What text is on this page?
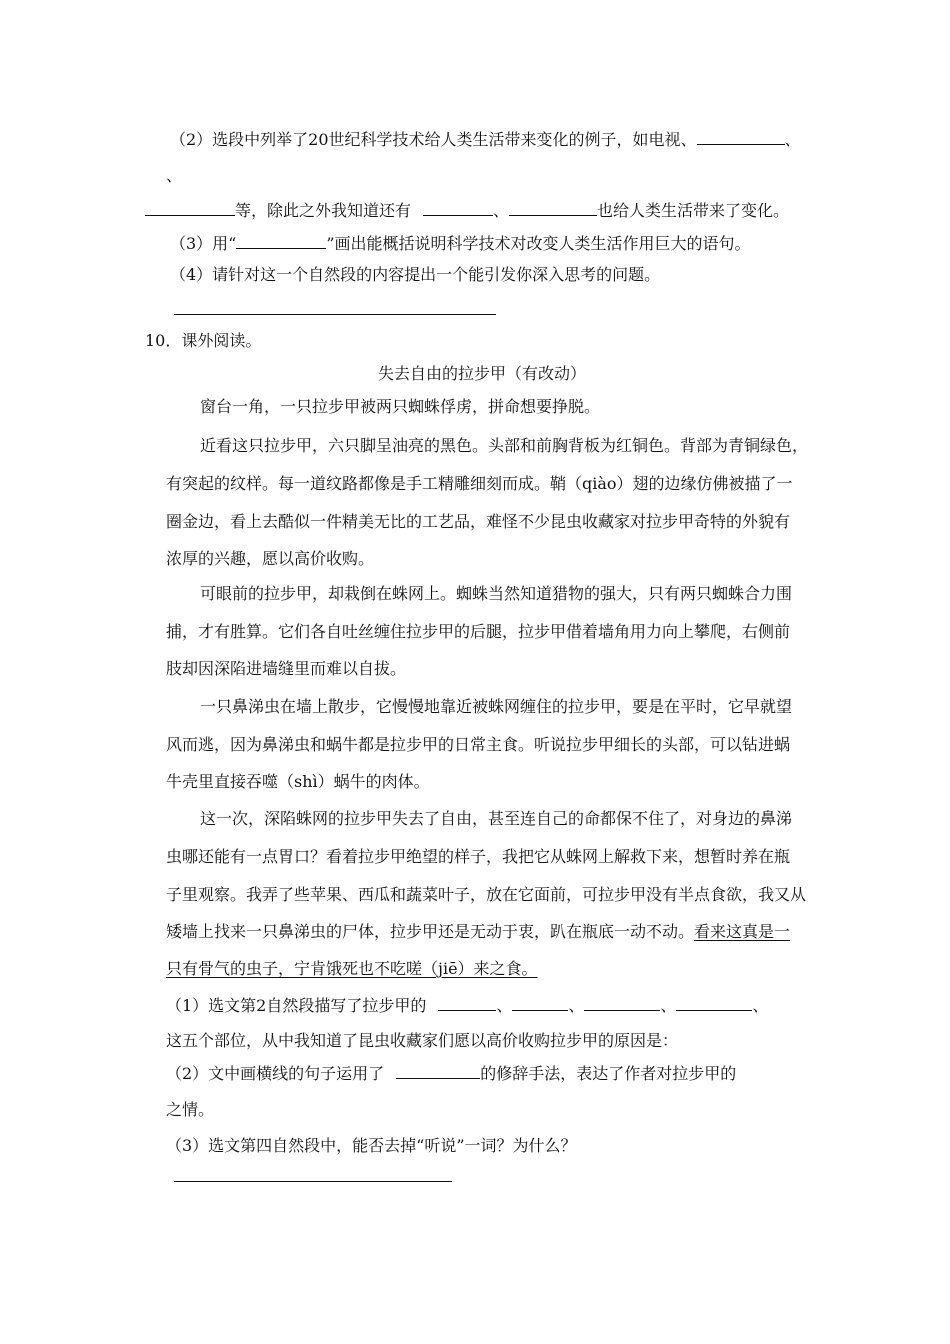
（2）选段中列举了20世纪科学技术给人类生活带来变化的例子，如电视、	、
、
等，除此之外我知道还有	、	也给人类生活带来了变化。
（3）用“	”画出能概括说明科学技术对改变人类生活作用巨大的语句。
（4）请针对这一个自然段的内容提出一个能引发你深入思考的问题。
10．课外阅读。
失去自由的拉步甲（有改动）
窗台一角，一只拉步甲被两只蜘蛛俘虏，拼命想要挣脱。
近看这只拉步甲，六只脚呈油亮的黑色。头部和前胸背板为红铜色。背部为青铜绿色，
有突起的纹样。每一道纹路都像是手工精雕细刻而成。鞘（qiào）翅的边缘仿佛被描了一
圈金边，看上去酷似一件精美无比的工艺品，难怪不少昆虫收藏家对拉步甲奇特的外貌有
浓厚的兴趣，愿以高价收购。
可眼前的拉步甲，却栽倒在蛛网上。蜘蛛当然知道猎物的强大，只有两只蜘蛛合力围
捕，才有胜算。它们各自吐丝缠住拉步甲的后腿，拉步甲借着墙角用力向上攀爬，右侧前
肢却因深陷进墙缝里而难以自拔。
一只鼻涕虫在墙上散步，它慢慢地靠近被蛛网缠住的拉步甲，要是在平时，它早就望
风而逃，因为鼻涕虫和蜗牛都是拉步甲的日常主食。听说拉步甲细长的头部，可以钻进蜗
牛壳里直接吞噬（shì）蜗牛的肉体。
这一次，深陷蛛网的拉步甲失去了自由，甚至连自己的命都保不住了，对身边的鼻涕
虫哪还能有一点胃口？看着拉步甲绝望的样子，我把它从蛛网上解救下来，想暂时养在瓶
子里观察。我弄了些苹果、西瓜和蔬菜叶子，放在它面前，可拉步甲没有半点食欲，我又从
矮墙上找来一只鼻涕虫的尸体，拉步甲还是无动于衷，趴在瓶底一动不动。看来这真是一
只有骨气的虫子，宁肯饿死也不吃嗟（jiē）来之食。
（1）选文第2自然段描写了拉步甲的	、	、	、	、
这五个部位，从中我知道了昆虫收藏家们愿以高价收购拉步甲的原因是：
（2）文中画横线的句子运用了	的修辞手法，表达了作者对拉步甲的
之情。
（3）选文第四自然段中，能否去掉“听说”一词？为什么？
